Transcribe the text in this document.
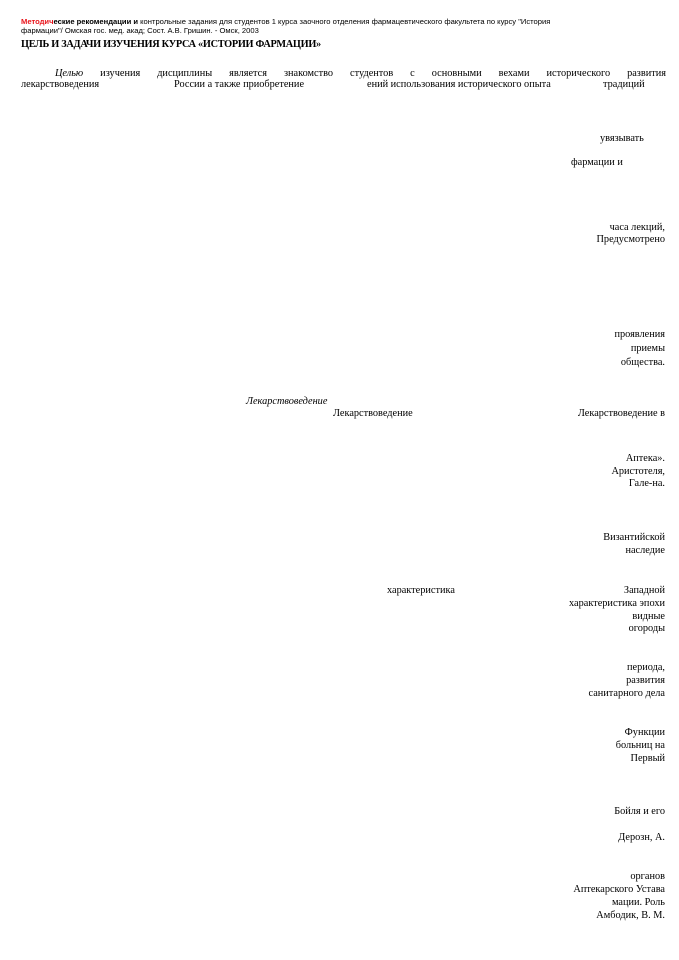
Методические рекомендации и контрольные задания для студентов 1 курса заочного отделения фармацевтического факультета по курсу "История
фармации"/ Омская гос. мед. акад; Сост. А.В. Гришин. - Омск, 2003
ЦЕЛЬ И ЗАДАЧИ ИЗУЧЕНИЯ КУРСА «ИСТОРИИ ФАРМАЦИИ»
Целью изучения дисциплины является знакомство студентов с основными вехами исторического развития
лекарствоведения	России а также приобретение	ений использования исторического опыта	традиций
увязывать
фармации и
часа лекций,
Предусмотрено
проявления
приемы
общества.
Лекарствоведение
Лекарствоведение	Лекарствоведение в
Аптека».
Аристотеля,
Гале-на.
Византийской
наследие
характеристика	Западной
характеристика эпохи
видные
огороды
периода,
развития
санитарного дела
Функции
больниц на
Первый
Бойля и его
Дерозн, А.
органов
Аптекарского Устава
мации. Роль
Амбодик, В. М.
